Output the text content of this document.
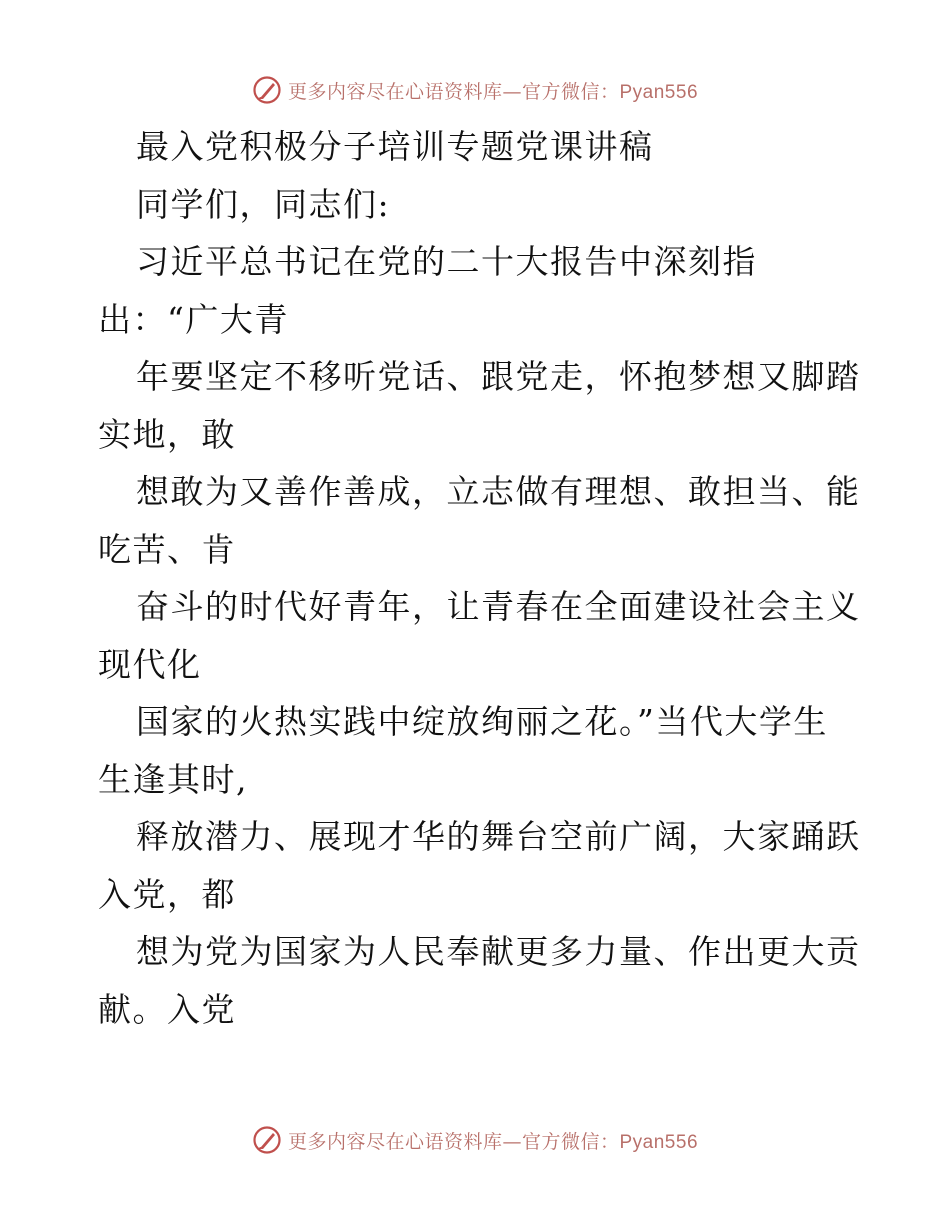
更多内容尽在心语资料库—官方微信：Pyan556
最入党积极分子培训专题党课讲稿
同学们，同志们:
习近平总书记在党的二十大报告中深刻指
出：“广大青
年要坚定不移听党话、跟党走，怀抱梦想又脚踏
实地，敢
想敢为又善作善成，立志做有理想、敢担当、能
吃苦、肯
奋斗的时代好青年，让青春在全面建设社会主义
现代化
国家的火热实践中绽放绚丽之花。”当代大学生
生逢其时,
释放潜力、展现才华的舞台空前广阔，大家踊跃
入党，都
想为党为国家为人民奉献更多力量、作出更大贡
献。入党
更多内容尽在心语资料库—官方微信：Pyan556
